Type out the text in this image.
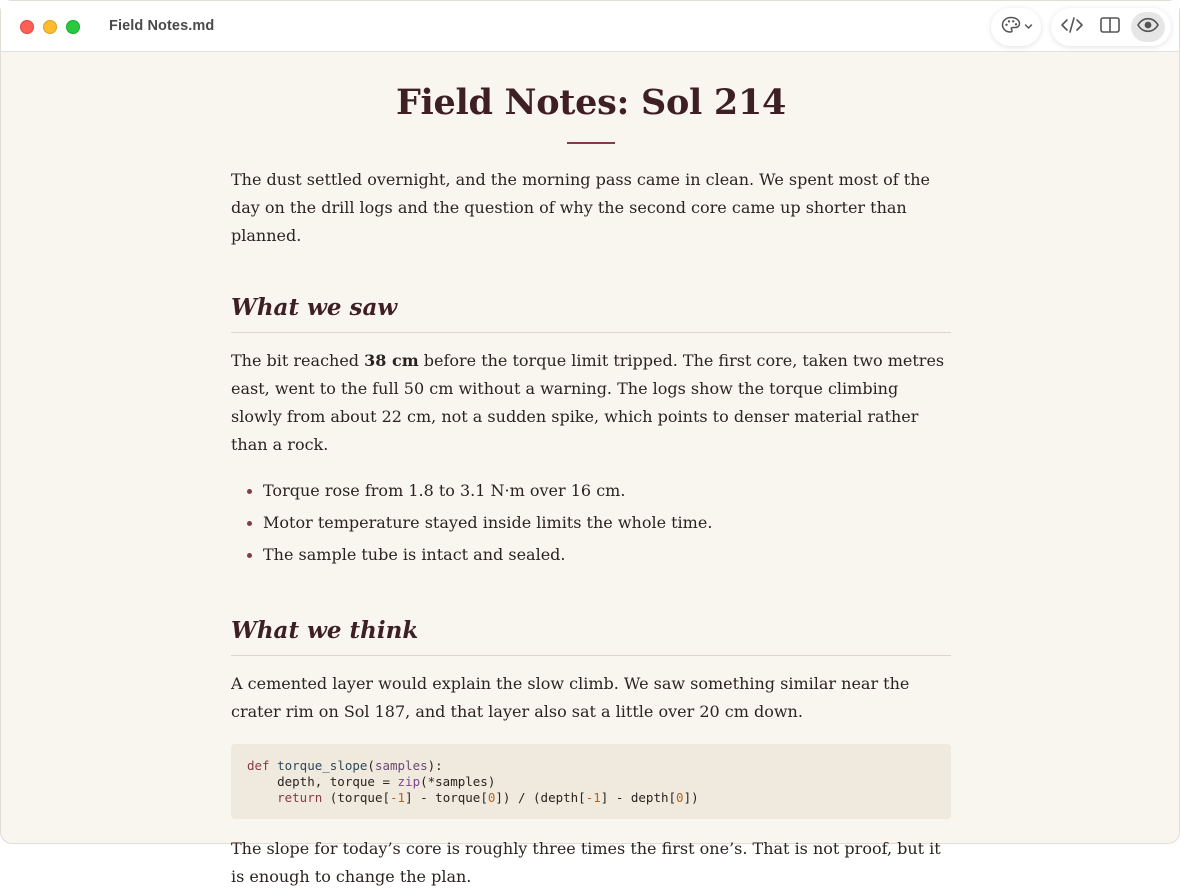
Field Notes.md
Field Notes: Sol 214

The dust settled overnight, and the morning pass came in clean. We spent most of the day on the drill logs and the question of why the second core came up shorter than planned.

What we saw

The bit reached 38 cm before the torque limit tripped. The first core, taken two metres east, went to the full 50 cm without a warning. The logs show the torque climbing slowly from about 22 cm, not a sudden spike, which points to denser material rather than a rock.

Torque rose from 1.8 to 3.1 N·m over 16 cm.
Motor temperature stayed inside limits the whole time.
The sample tube is intact and sealed.
What we think

A cemented layer would explain the slow climb. We saw something similar near the crater rim on Sol 187, and that layer also sat a little over 20 cm down.

def torque_slope(samples):
depth, torque = zip(*samples)
return (torque[-1] - torque[0]) / (depth[-1] - depth[0])

The slope for today’s core is roughly three times the first one’s. That is not proof, but it is enough to change the plan.
